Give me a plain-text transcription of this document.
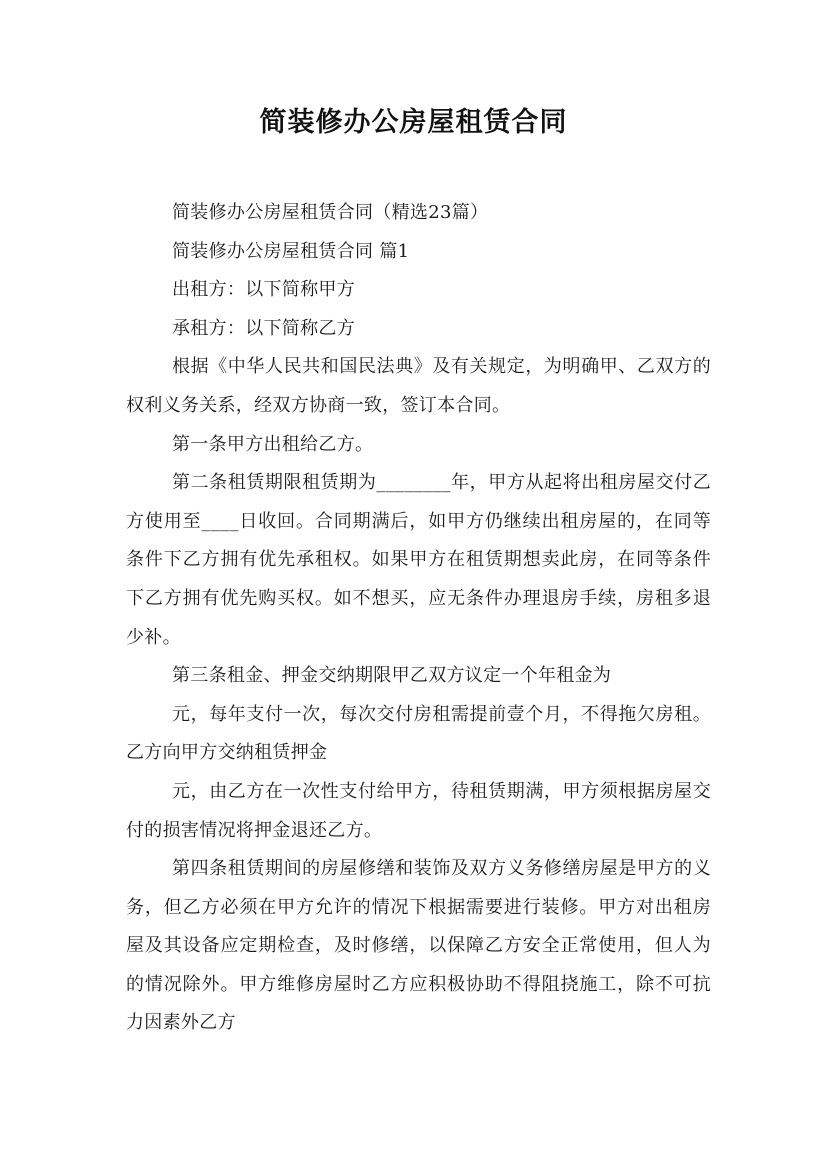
简装修办公房屋租赁合同

简装修办公房屋租赁合同（精选23篇）

简装修办公房屋租赁合同 篇1

出租方：以下简称甲方

承租方：以下简称乙方

根据《中华人民共和国民法典》及有关规定，为明确甲、乙双方的权利义务关系，经双方协商一致，签订本合同。

第一条甲方出租给乙方。

第二条租赁期限租赁期为________年，甲方从起将出租房屋交付乙方使用至____日收回。合同期满后，如甲方仍继续出租房屋的，在同等条件下乙方拥有优先承租权。如果甲方在租赁期想卖此房，在同等条件下乙方拥有优先购买权。如不想买，应无条件办理退房手续，房租多退少补。

第三条租金、押金交纳期限甲乙双方议定一个年租金为

元，每年支付一次，每次交付房租需提前壹个月，不得拖欠房租。乙方向甲方交纳租赁押金

元，由乙方在一次性支付给甲方，待租赁期满，甲方须根据房屋交付的损害情况将押金退还乙方。

第四条租赁期间的房屋修缮和装饰及双方义务修缮房屋是甲方的义务，但乙方必须在甲方允许的情况下根据需要进行装修。甲方对出租房屋及其设备应定期检查，及时修缮，以保障乙方安全正常使用，但人为的情况除外。甲方维修房屋时乙方应积极协助不得阻挠施工，除不可抗力因素外乙方
